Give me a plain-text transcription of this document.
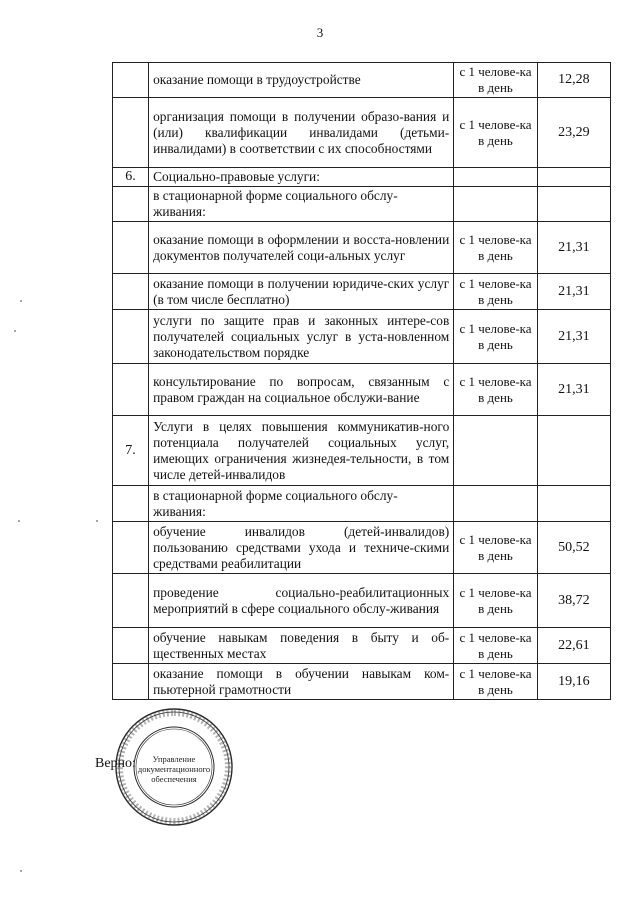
3
	оказание помощи в трудоустройстве	с 1 челове-ка в день	12,28
	организация помощи в получении образо-вания и (или) квалификации инвалидами (детьми-инвалидами) в соответствии с их способностями	с 1 челове-ка в день	23,29
6.	Социально-правовые услуги:		
	в стационарной форме социального обслу-живания:		
	оказание помощи в оформлении и восста-новлении документов получателей соци-альных услуг	с 1 челове-ка в день	21,31
	оказание помощи в получении юридиче-ских услуг (в том числе бесплатно)	с 1 челове-ка в день	21,31
	услуги по защите прав и законных интере-сов получателей социальных услуг в уста-новленном законодательством порядке	с 1 челове-ка в день	21,31
	консультирование по вопросам, связанным с правом граждан на социальное обслужи-вание	с 1 челове-ка в день	21,31
7.	Услуги в целях повышения коммуникатив-ного потенциала получателей социальных услуг, имеющих ограничения жизнедея-тельности, в том числе детей-инвалидов		
	в стационарной форме социального обслу-живания:		
	обучение инвалидов (детей-инвалидов) пользованию средствами ухода и техниче-скими средствами реабилитации	с 1 челове-ка в день	50,52
	проведение социально-реабилитационных мероприятий в сфере социального обслу-живания	с 1 челове-ка в день	38,72
	обучение навыкам поведения в быту и об-щественных местах	с 1 челове-ка в день	22,61
	оказание помощи в обучении навыкам ком-пьютерной грамотности	с 1 челове-ка в день	19,16
Управление документационного обеспечения
Верно:
